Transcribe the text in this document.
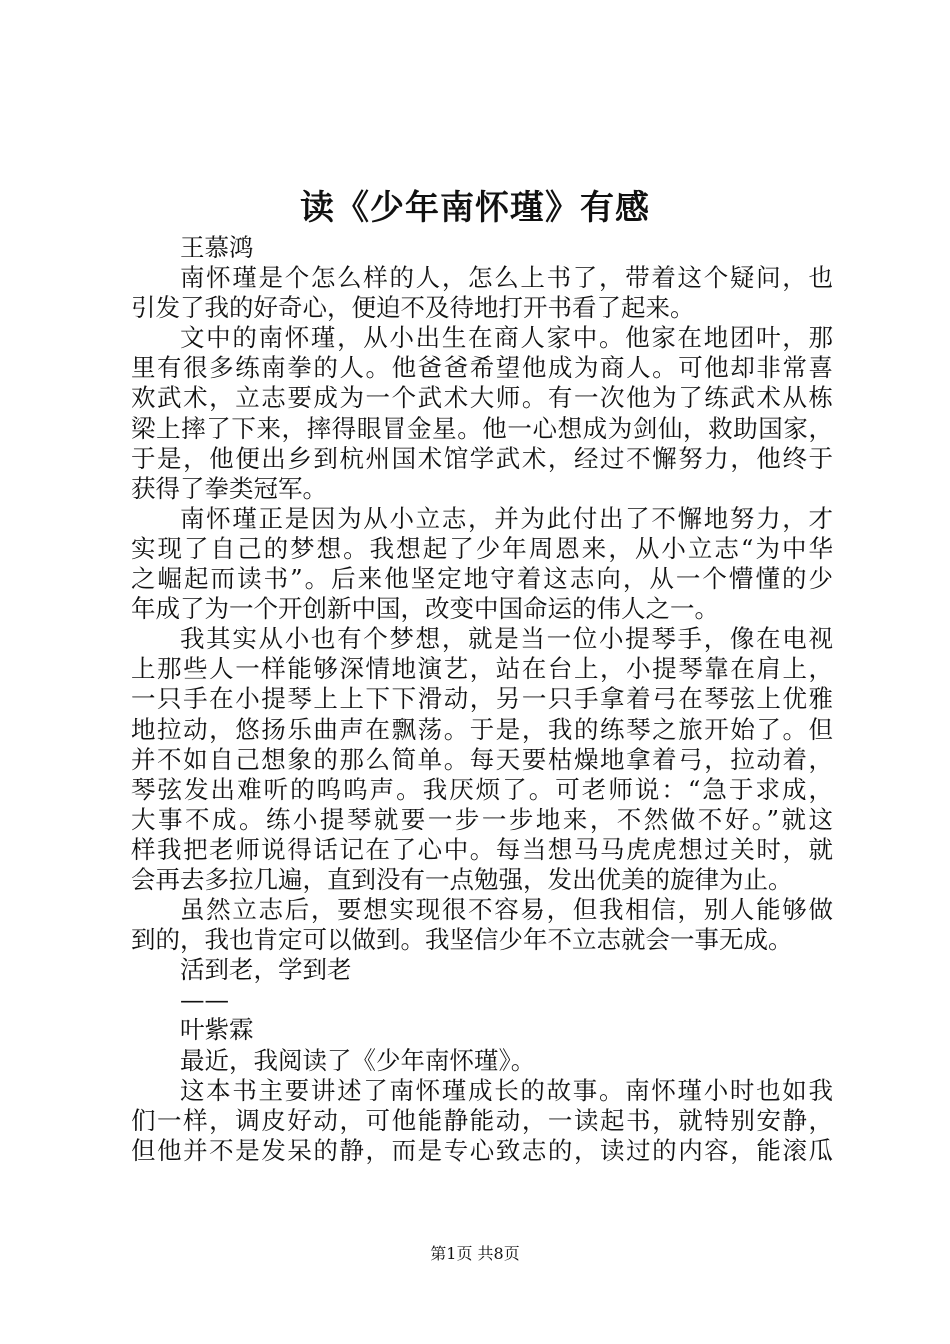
读《少年南怀瑾》有感
王慕鸿
南怀瑾是个怎么样的人，怎么上书了，带着这个疑问，也
引发了我的好奇心，便迫不及待地打开书看了起来。
文中的南怀瑾，从小出生在商人家中。他家在地团叶，那
里有很多练南拳的人。他爸爸希望他成为商人。可他却非常喜
欢武术，立志要成为一个武术大师。有一次他为了练武术从栋
梁上摔了下来，摔得眼冒金星。他一心想成为剑仙，救助国家，
于是，他便出乡到杭州国术馆学武术，经过不懈努力，他终于
获得了拳类冠军。
南怀瑾正是因为从小立志，并为此付出了不懈地努力，才
实现了自己的梦想。我想起了少年周恩来，从小立志“为中华
之崛起而读书”。后来他坚定地守着这志向，从一个懵懂的少
年成了为一个开创新中国，改变中国命运的伟人之一。
我其实从小也有个梦想，就是当一位小提琴手，像在电视
上那些人一样能够深情地演艺，站在台上，小提琴靠在肩上，
一只手在小提琴上上下下滑动，另一只手拿着弓在琴弦上优雅
地拉动，悠扬乐曲声在飘荡。于是，我的练琴之旅开始了。但
并不如自己想象的那么简单。每天要枯燥地拿着弓，拉动着，
琴弦发出难听的呜呜声。我厌烦了。可老师说：“急于求成，
大事不成。练小提琴就要一步一步地来，不然做不好。”就这
样我把老师说得话记在了心中。每当想马马虎虎想过关时，就
会再去多拉几遍，直到没有一点勉强，发出优美的旋律为止。
虽然立志后，要想实现很不容易，但我相信，别人能够做
到的，我也肯定可以做到。我坚信少年不立志就会一事无成。
活到老，学到老
——
叶紫霖
最近，我阅读了《少年南怀瑾》。
这本书主要讲述了南怀瑾成长的故事。南怀瑾小时也如我
们一样，调皮好动，可他能静能动，一读起书，就特别安静，
但他并不是发呆的静，而是专心致志的，读过的内容，能滚瓜
第1页 共8页
